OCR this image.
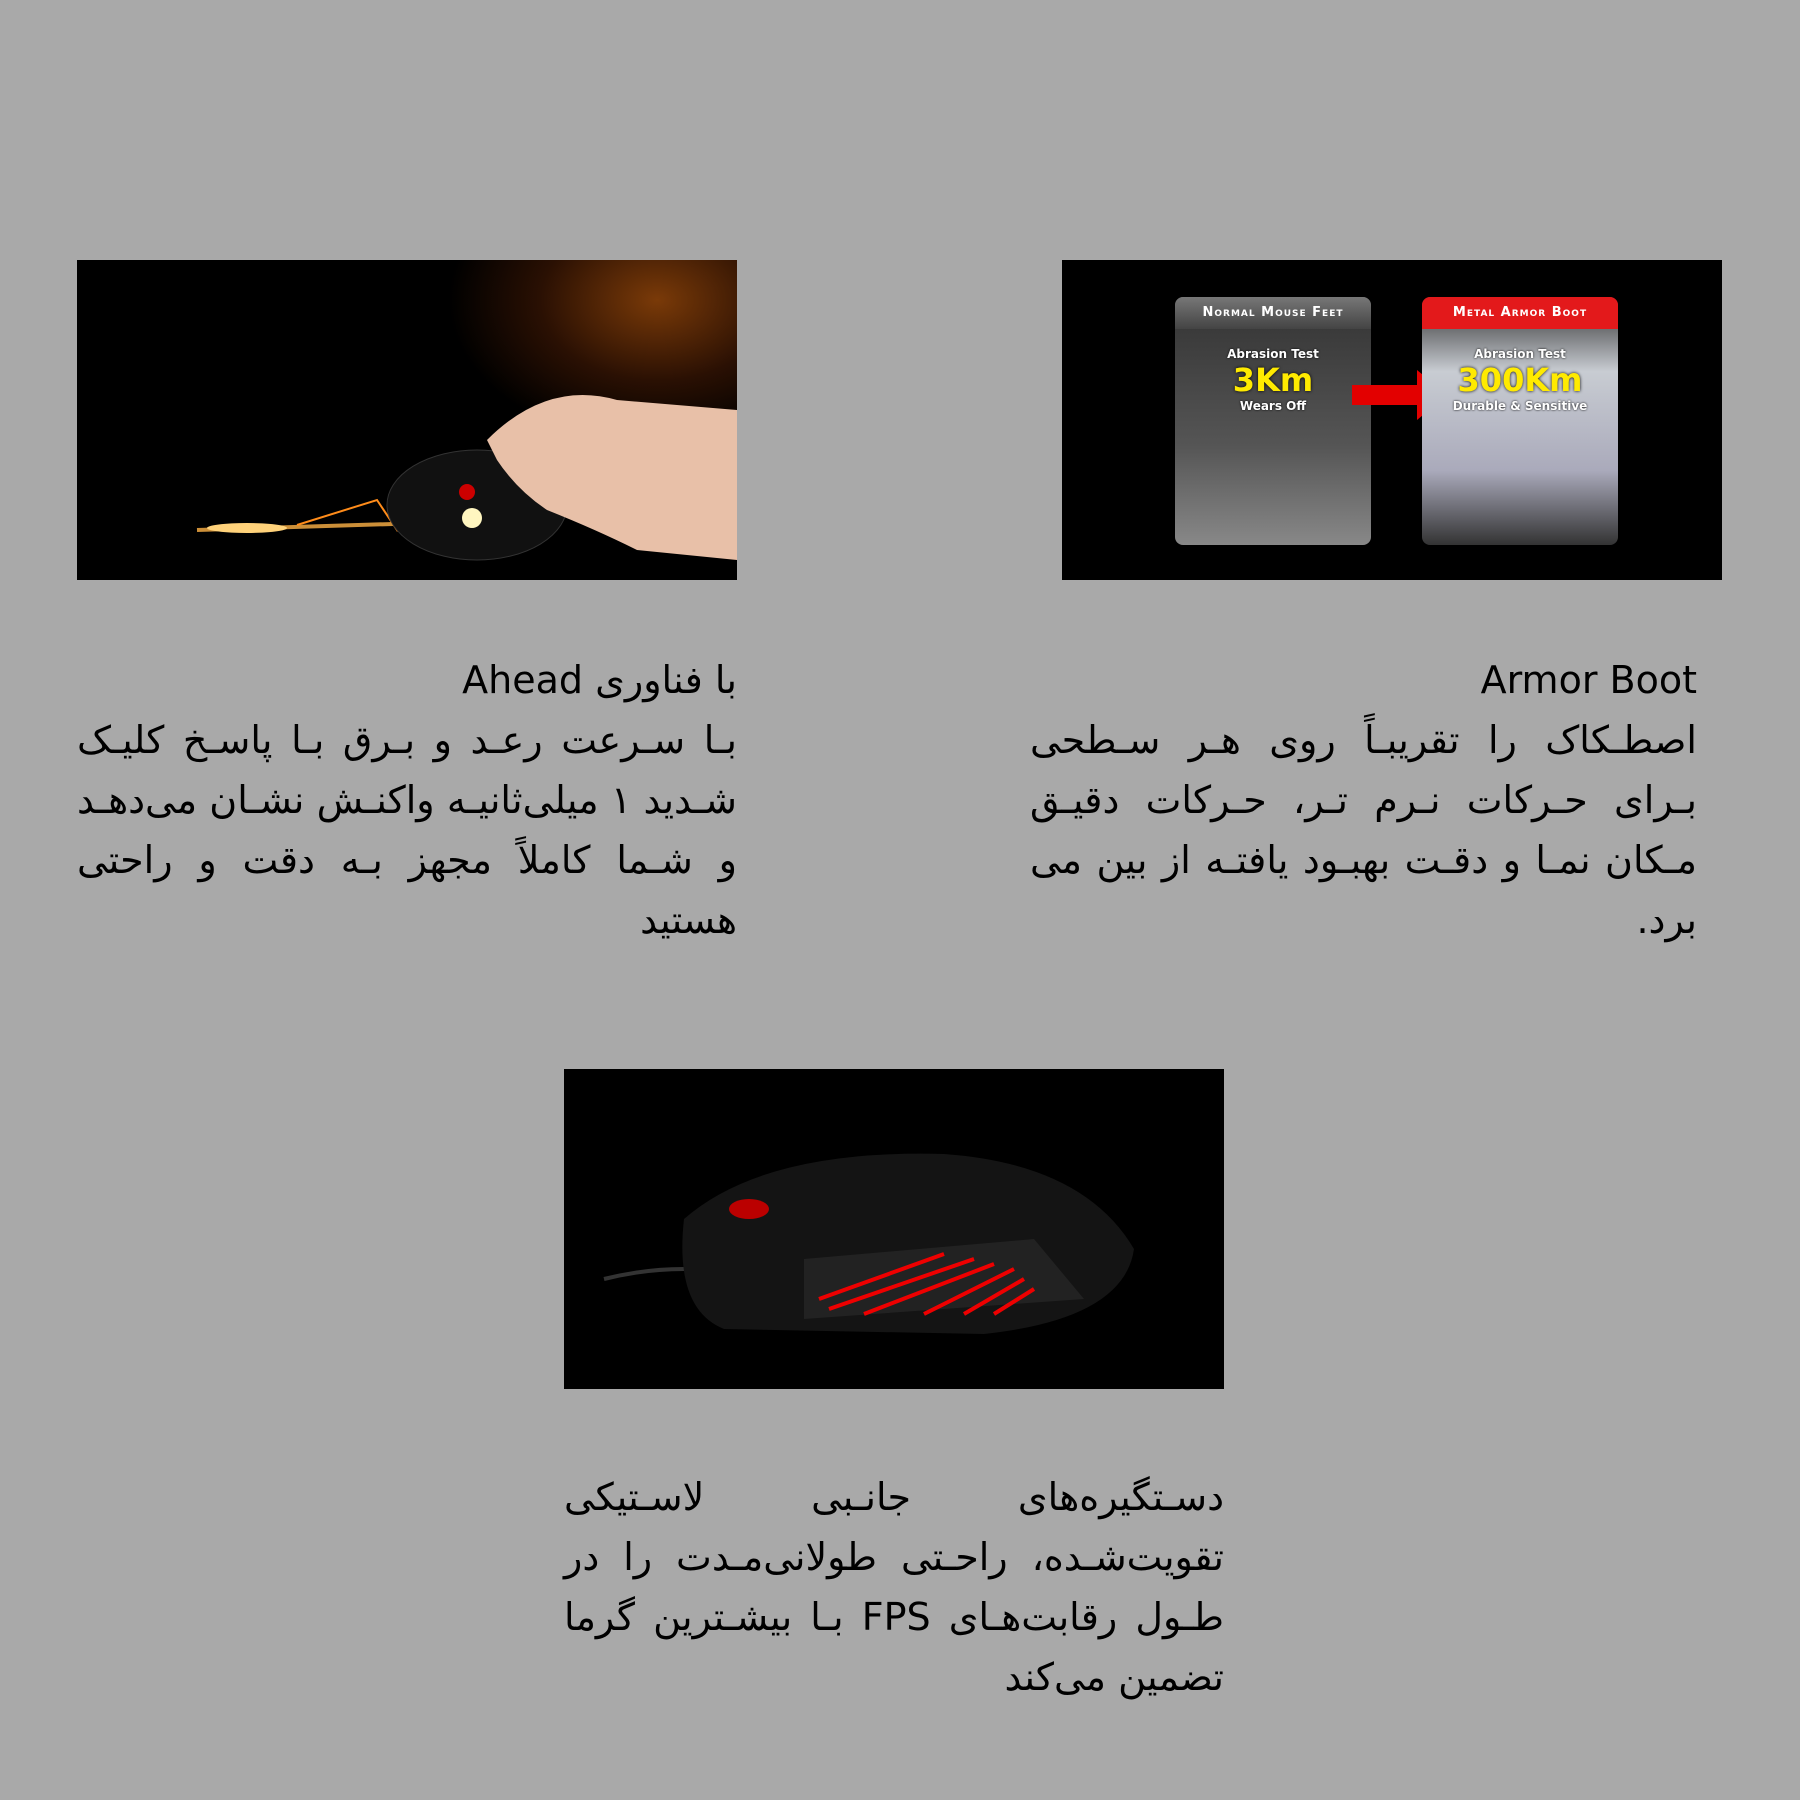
Normal Mouse Feet
Abrasion Test
3Km
Wears Off
Metal Armor Boot
Abrasion Test
300Km
Durable & Sensitive
با فناوری Ahead
بـا سـرعت رعـد و بـرق بـا پاسـخ کلیـک شـدید ۱ میلی‌ثانیـه واکنـش نشـان می‌دهـد و شـما کاملاً مجهز بـه دقت و راحتی هستید
Armor Boot
اصطـکاک را تقریبـاً روی هـر سـطحی بـرای حـرکات نـرم تـر، حـرکات دقیـق مـکان نمـا و دقـت بهبـود یافتـه از بین می برد.
دسـتگیره‌های جانـبی لاسـتیکی تقویت‌شـده، راحـتی طولانی‌مـدت را در طـول رقابت‌هـای FPS بـا بیشـترین گرما تضمین می‌کند
